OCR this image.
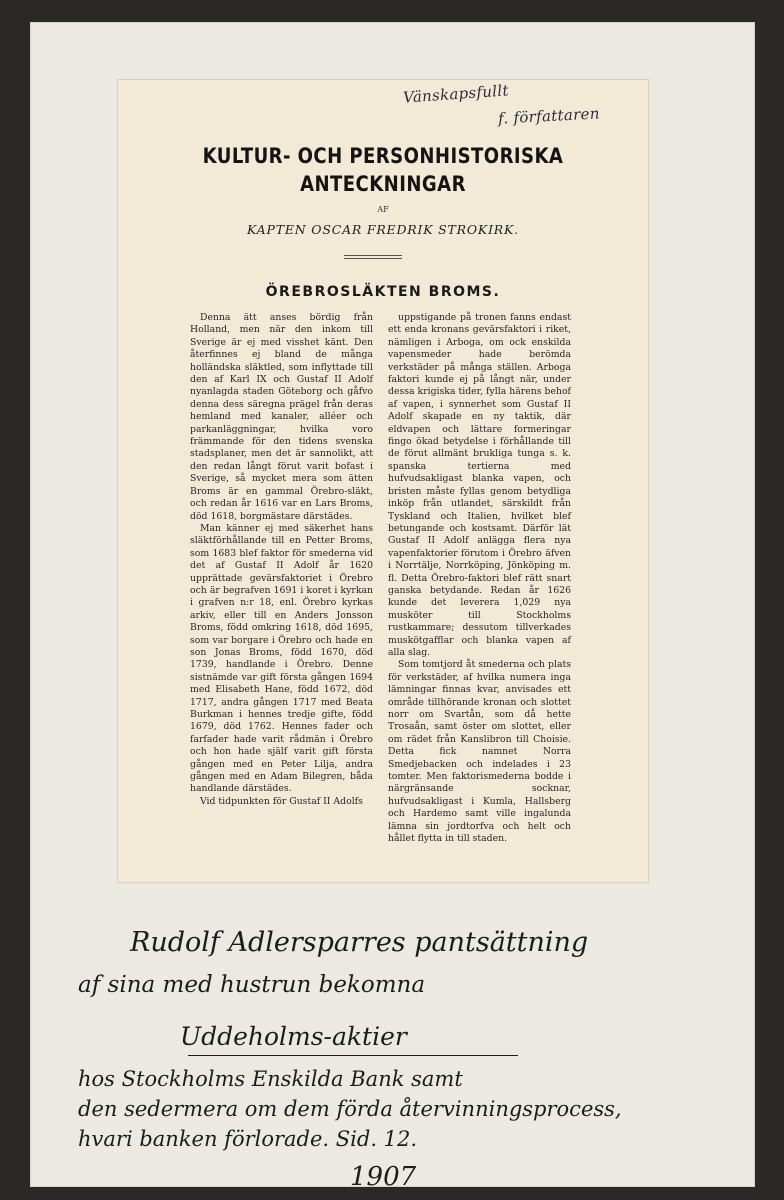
Vänskapsfullt
f. författaren
KULTUR- OCH PERSONHISTORISKA
ANTECKNINGAR
AF
KAPTEN OSCAR FREDRIK STROKIRK.
ÖREBROSLÄKTEN BROMS.

Denna ätt anses bördig från Holland, men när den inkom till Sverige är ej med visshet känt. Den återfinnes ej bland de många holländska släktled, som inflyttade till den af Karl IX och Gustaf II Adolf nyanlagda staden Göteborg och gåfvo denna dess säregna prägel från deras hemland med kanaler, alléer och parkanläggningar, hvilka voro främmande för den tidens svenska stadsplaner, men det är sannolikt, att den redan långt förut varit bofast i Sverige, så mycket mera som ätten Broms är en gammal Örebro-släkt, och redan år 1616 var en Lars Broms, död 1618, borgmästare därstädes.

Man känner ej med säkerhet hans släktförhållande till en Petter Broms, som 1683 blef faktor för smederna vid det af Gustaf II Adolf år 1620 upprättade gevärsfaktoriet i Örebro och är begrafven 1691 i koret i kyrkan i grafven n:r 18, enl. Örebro kyrkas arkiv, eller till en Anders Jonsson Broms, född omkring 1618, död 1695, som var borgare i Örebro och hade en son Jonas Broms, född 1670, död 1739, handlande i Örebro. Denne sistnämde var gift första gången 1694 med Elisabeth Hane, född 1672, död 1717, andra gången 1717 med Beata Burkman i hennes tredje gifte, född 1679, död 1762. Hennes fader och farfader hade varit rådmän i Örebro och hon hade själf varit gift första gången med en Peter Lilja, andra gången med en Adam Bilegren, båda handlande därstädes.

Vid tidpunkten för Gustaf II Adolfs

uppstigande på tronen fanns endast ett enda kronans gevärsfaktori i riket, nämligen i Arboga, om ock enskilda vapensmeder hade berömda verkstäder på många ställen. Arboga faktori kunde ej på långt när, under dessa krigiska tider, fylla härens behof af vapen, i synnerhet som Gustaf II Adolf skapade en ny taktik, där eldvapen och lättare formeringar fingo ökad betydelse i förhållande till de förut allmänt brukliga tunga s. k. spanska tertierna med hufvudsakligast blanka vapen, och bristen måste fyllas genom betydliga inköp från utlandet, särskildt från Tyskland och Italien, hvilket blef betungande och kostsamt. Därför lät Gustaf II Adolf anlägga flera nya vapenfaktorier förutom i Örebro äfven i Norrtälje, Norrköping, Jönköping m. fl. Detta Örebro-faktori blef rätt snart ganska betydande. Redan år 1626 kunde det leverera 1,029 nya musköter till Stockholms rustkammare; dessutom tillverkades muskötgafflar och blanka vapen af alla slag.

Som tomtjord åt smederna och plats för verkstäder, af hvilka numera inga lämningar finnas kvar, anvisades ett område tillhörande kronan och slottet norr om Svartån, som då hette Trosaån, samt öster om slottet, eller om rädet från Kanslibron till Choisie. Detta fick namnet Norra Smedjebacken och indelades i 23 tomter. Men faktorismederna bodde i närgränsande socknar, hufvudsakligast i Kumla, Hallsberg och Hardemo samt ville ingalunda lämna sin jordtorfva och helt och hållet flytta in till staden.

Rudolf Adlersparres pantsättning
af sina med hustrun bekomna
Uddeholms-aktier
hos Stockholms Enskilda Bank samt
den sedermera om dem förda återvinningsprocess,
hvari banken förlorade. Sid. 12.
1907
